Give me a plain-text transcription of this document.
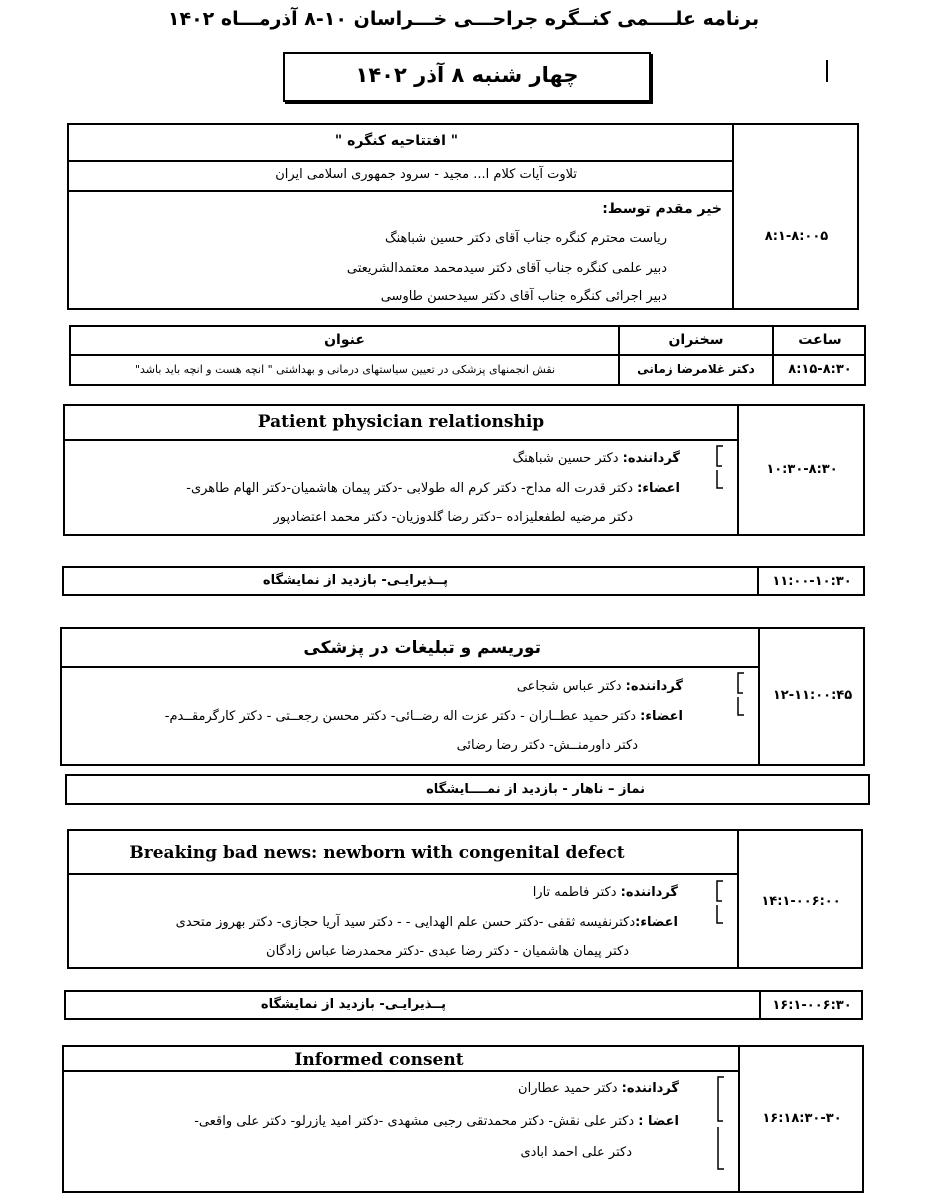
برنامه علــــمی کنــگره جراحـــی خـــراسان ١٠-٨ آذرمـــاه ١۴٠٢
چهار شنبه ٨ آذر ١۴٠٢
" افتتاحیه کنگره "
تلاوت آیات کلام ا... مجید - سرود جمهوری اسلامی ایران
خیر مقدم توسط:
ریاست محترم کنگره جناب آقای دکتر حسین شباهنگ
دبیر علمی کنگره جناب آقای دکتر سیدمحمد معتمدالشریعتی
دبیر اجرائی کنگره جناب آقای دکتر سیدحسن طاوسی
٨:٠٠-٨:١۵
ساعت
سخنران
عنوان
٨:١۵-٨:٣٠
دکتر غلامرضا زمانی
نقش انجمنهای پزشکی در تعیین سیاستهای درمانی و بهداشتی " انچه هست و انچه باید باشد"
Patient physician relationship
گرداننده: دکتر حسین شباهنگ
اعضاء: دکتر قدرت اله مداح- دکتر کرم اله طولابی -دکتر پیمان هاشمیان-دکتر الهام طاهری-
دکتر مرضیه لطفعلیزاده –دکتر رضا گلدوزیان- دکتر محمد اعتضادپور
٨:٣٠-١٠:٣٠
پــذیرایـی- بازدید از نمایشگاه	١٠:٣٠-١١:٠٠
توریسم و تبلیغات در پزشکی
گرداننده: دکتر عباس شجاعی
اعضاء: دکتر حمید عطــاران - دکتر عزت اله رضــائی- دکتر محسن رجعــتی - دکتر کارگرمقــدم-
دکتر داورمنــش- دکتر رضا رضائی
١١:٠٠-١٢:۴۵
نماز – ناهار - بازدید از نمــــایشگاه
Breaking bad news: newborn with congenital defect
گرداننده: دکتر فاطمه تارا
اعضاء:دکترنفیسه ثقفی -دکتر حسن علم الهدایی - - دکتر سید آریا حجازی- دکتر بهروز متحدی
دکتر پیمان هاشمیان - دکتر رضا عبدی -دکتر محمدرضا عباس زادگان
١۴:٠٠-١۶:٠٠
پــذیرایـی- بازدید از نمایشگاه	١۶:٠٠-١۶:٣٠
Informed consent
گرداننده: دکتر حمید عطاران
اعضا : دکتر علی نقش- دکتر محمدتقی رجبی مشهدی -دکتر امید یازرلو- دکتر علی واقعی-
دکتر علی احمد ابادی
١۶:٣٠-١٨:٣٠
